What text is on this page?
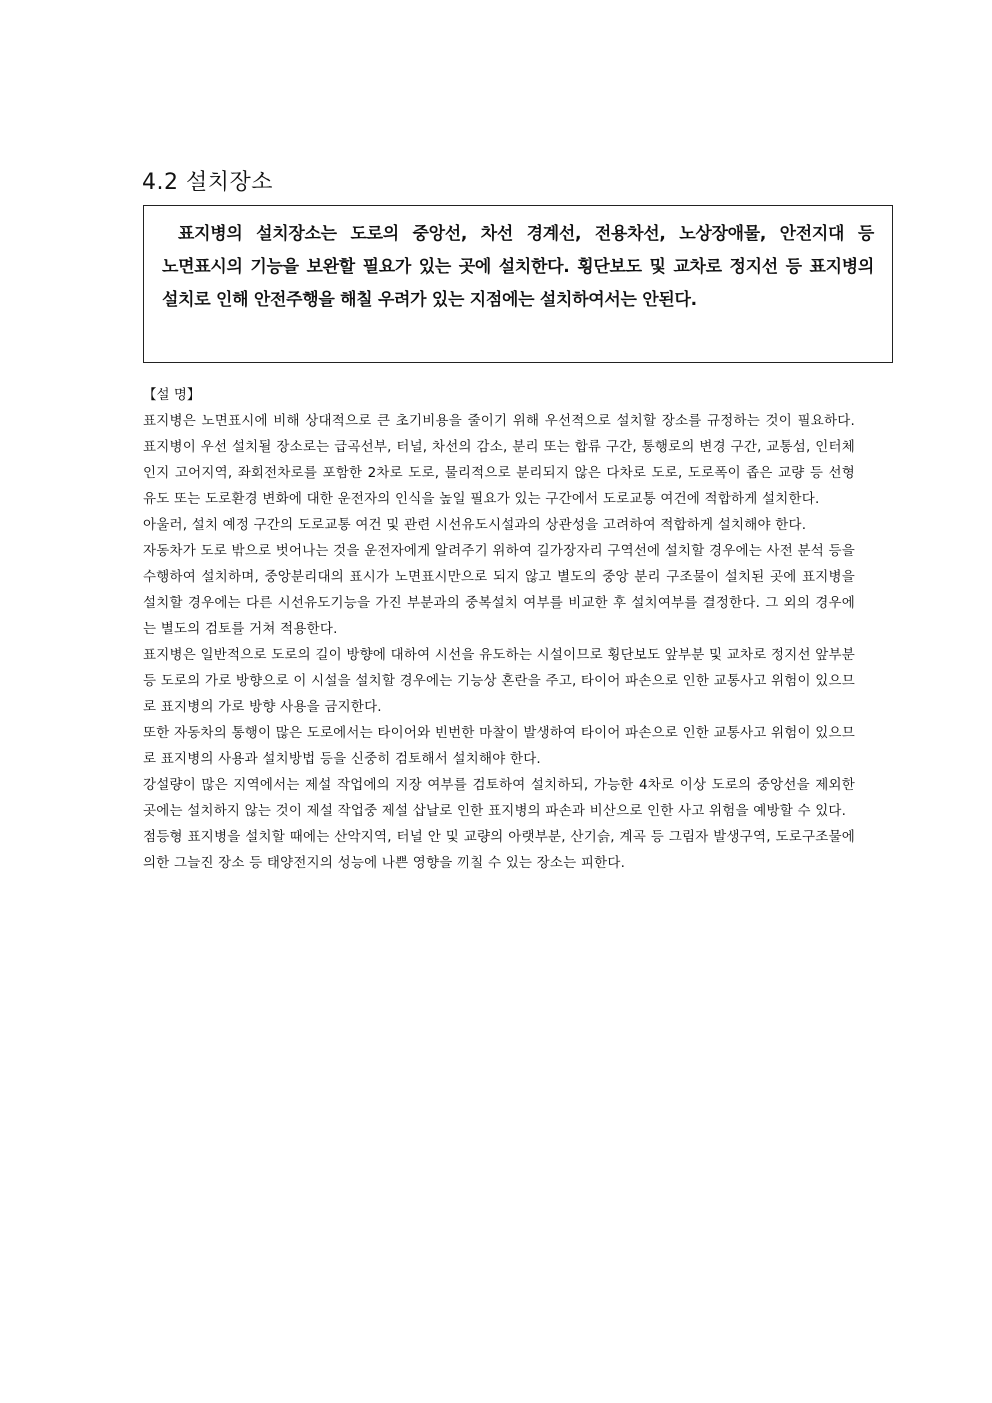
4.2 설치장소

표지병의 설치장소는 도로의 중앙선, 차선 경계선, 전용차선, 노상장애물, 안전지대 등 노면표시의 기능을 보완할 필요가 있는 곳에 설치한다. 횡단보도 및 교차로 정지선 등 표지병의 설치로 인해 안전주행을 해칠 우려가 있는 지점에는 설치하여서는 안된다.

【설 명】

표지병은 노면표시에 비해 상대적으로 큰 초기비용을 줄이기 위해 우선적으로 설치할 장소를 규정하는 것이 필요하다. 표지병이 우선 설치될 장소로는 급곡선부, 터널, 차선의 감소, 분리 또는 합류 구간, 통행로의 변경 구간, 교통섬, 인터체인지 고어지역, 좌회전차로를 포함한 2차로 도로, 물리적으로 분리되지 않은 다차로 도로, 도로폭이 좁은 교량 등 선형 유도 또는 도로환경 변화에 대한 운전자의 인식을 높일 필요가 있는 구간에서 도로교통 여건에 적합하게 설치한다.

아울러, 설치 예정 구간의 도로교통 여건 및 관련 시선유도시설과의 상관성을 고려하여 적합하게 설치해야 한다.

자동차가 도로 밖으로 벗어나는 것을 운전자에게 알려주기 위하여 길가장자리 구역선에 설치할 경우에는 사전 분석 등을 수행하여 설치하며, 중앙분리대의 표시가 노면표시만으로 되지 않고 별도의 중앙 분리 구조물이 설치된 곳에 표지병을 설치할 경우에는 다른 시선유도기능을 가진 부분과의 중복설치 여부를 비교한 후 설치여부를 결정한다. 그 외의 경우에는 별도의 검토를 거쳐 적용한다.

표지병은 일반적으로 도로의 길이 방향에 대하여 시선을 유도하는 시설이므로 횡단보도 앞부분 및 교차로 정지선 앞부분 등 도로의 가로 방향으로 이 시설을 설치할 경우에는 기능상 혼란을 주고, 타이어 파손으로 인한 교통사고 위험이 있으므로 표지병의 가로 방향 사용을 금지한다.

또한 자동차의 통행이 많은 도로에서는 타이어와 빈번한 마찰이 발생하여 타이어 파손으로 인한 교통사고 위험이 있으므로 표지병의 사용과 설치방법 등을 신중히 검토해서 설치해야 한다.

강설량이 많은 지역에서는 제설 작업에의 지장 여부를 검토하여 설치하되, 가능한 4차로 이상 도로의 중앙선을 제외한 곳에는 설치하지 않는 것이 제설 작업중 제설 삽날로 인한 표지병의 파손과 비산으로 인한 사고 위험을 예방할 수 있다.

점등형 표지병을 설치할 때에는 산악지역, 터널 안 및 교량의 아랫부분, 산기슭, 계곡 등 그림자 발생구역, 도로구조물에 의한 그늘진 장소 등 태양전지의 성능에 나쁜 영향을 끼칠 수 있는 장소는 피한다.
